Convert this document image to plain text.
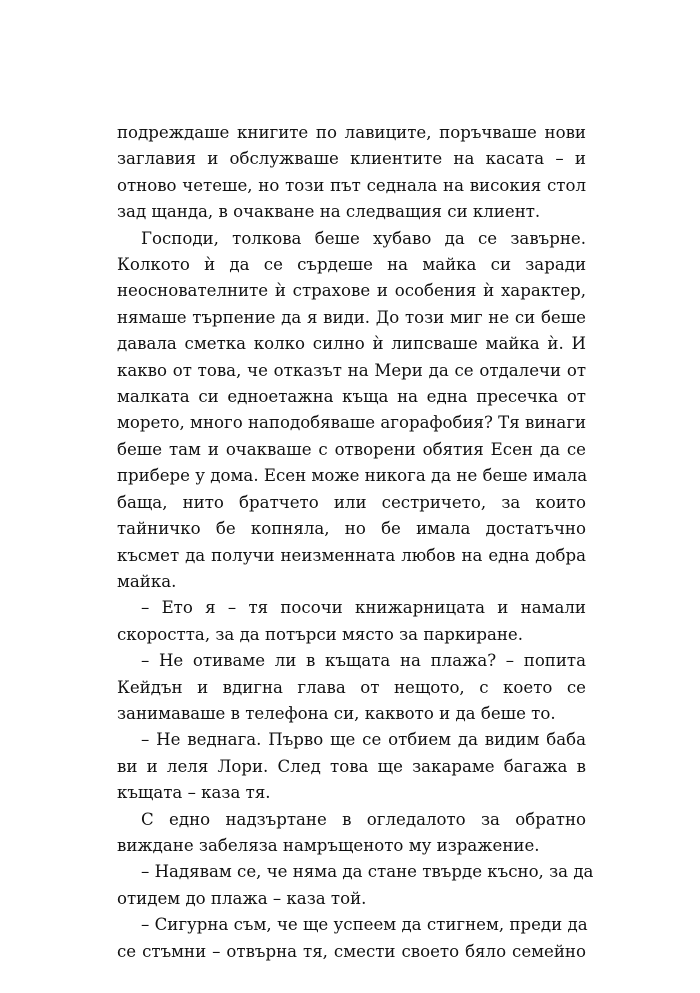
подреждаше книгите по лавиците, поръчваше нови
заглавия и обслужваше клиентите на касата – и
отново четеше, но този път седнала на високия стол
зад щанда, в очакване на следващия си клиент.
Господи, толкова беше хубаво да се завърне.
Колкото ѝ да се сърдеше на майка си заради
неоснователните ѝ страхове и особения ѝ характер,
нямаше търпение да я види. До този миг не си беше
давала сметка колко силно ѝ липсваше майка ѝ. И
какво от това, че отказът на Мери да се отдалечи от
малката си едноетажна къща на една пресечка от
морето, много наподобяваше агорафобия? Тя винаги
беше там и очакваше с отворени обятия Есен да се
прибере у дома. Есен може никога да не беше имала
баща, нито братчето или сестричето, за които
тайничко бе копняла, но бе имала достатъчно
късмет да получи неизменната любов на една добра
майка.
– Ето я – тя посочи книжарницата и намали
скоростта, за да потърси място за паркиране.
– Не отиваме ли в къщата на плажа? – попита
Кейдън и вдигна глава от нещото, с което се
занимаваше в телефона си, каквото и да беше то.
– Не веднага. Първо ще се отбием да видим баба
ви и леля Лори. След това ще закараме багажа в
къщата – каза тя.
С едно надзъртане в огледалото за обратно
виждане забеляза намръщеното му изражение.
– Надявам се, че няма да стане твърде късно, за да
отидем до плажа – каза той.
– Сигурна съм, че ще успеем да стигнем, преди да
се стъмни – отвърна тя, смести своето бяло семейно
